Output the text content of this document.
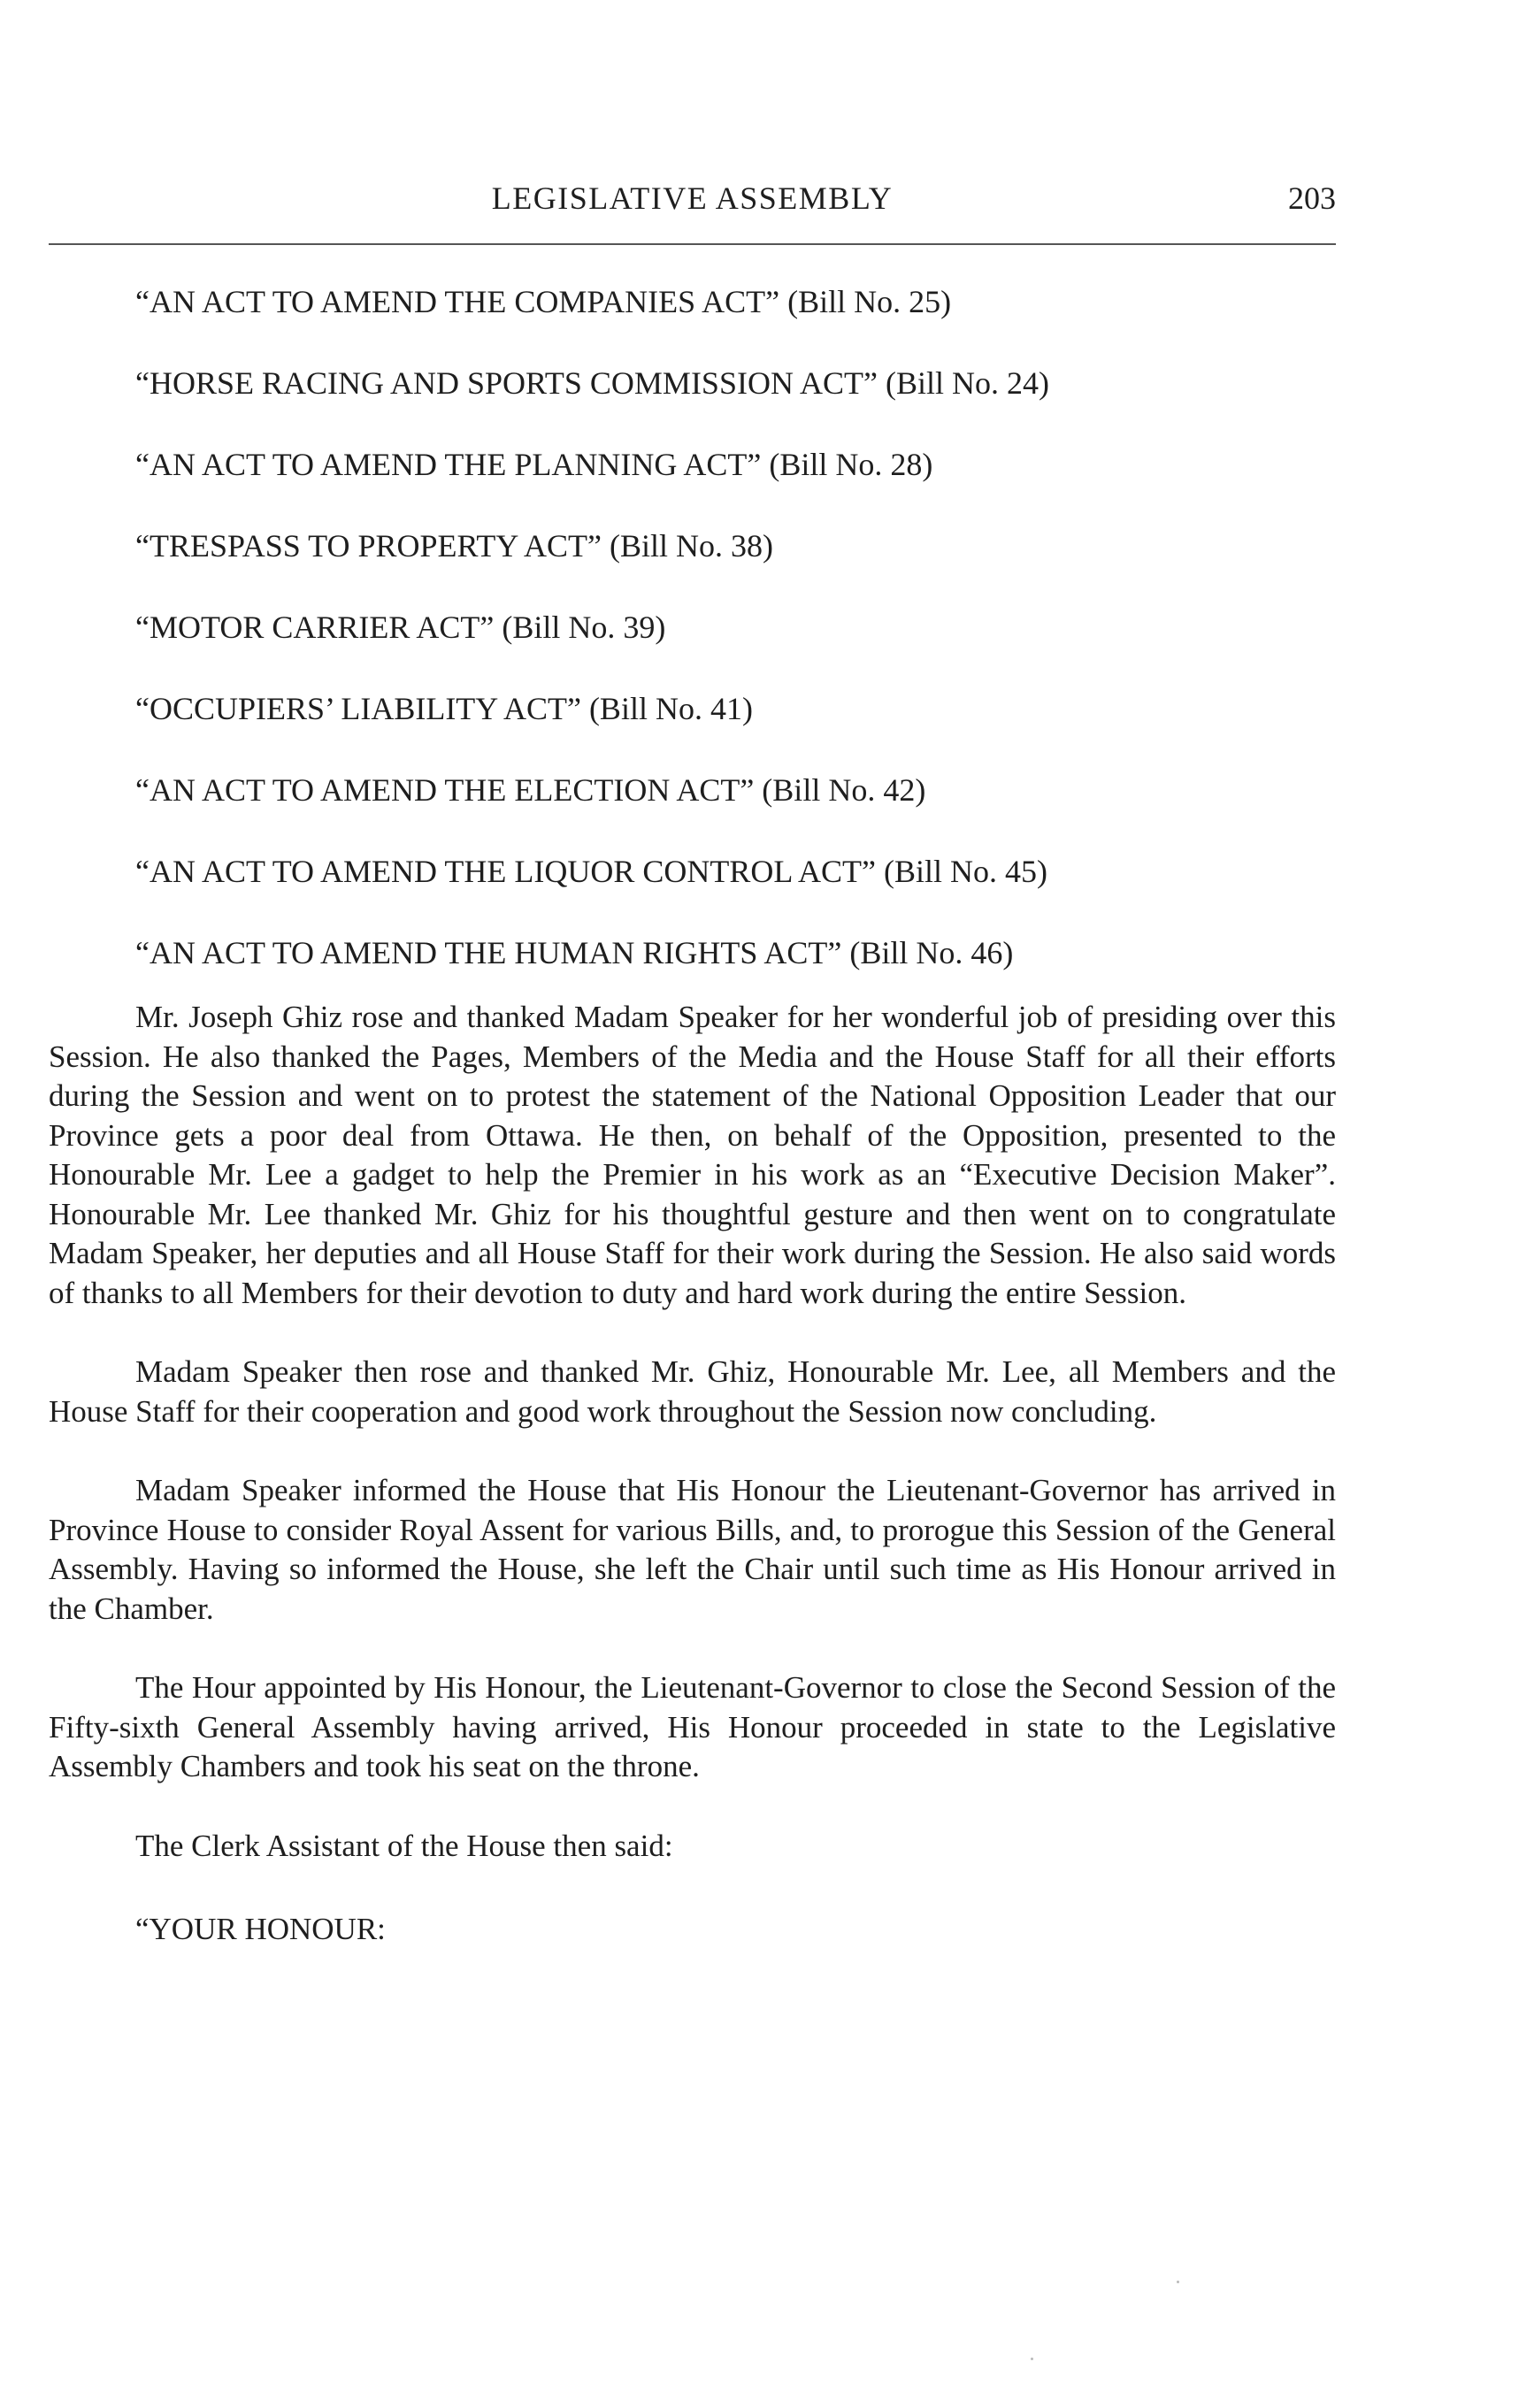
LEGISLATIVE ASSEMBLY	203
“AN ACT TO AMEND THE COMPANIES ACT” (Bill No. 25)
“HORSE RACING AND SPORTS COMMISSION ACT” (Bill No. 24)
“AN ACT TO AMEND THE PLANNING ACT” (Bill No. 28)
“TRESPASS TO PROPERTY ACT” (Bill No. 38)
“MOTOR CARRIER ACT” (Bill No. 39)
“OCCUPIERS’ LIABILITY ACT” (Bill No. 41)
“AN ACT TO AMEND THE ELECTION ACT” (Bill No. 42)
“AN ACT TO AMEND THE LIQUOR CONTROL ACT” (Bill No. 45)
“AN ACT TO AMEND THE HUMAN RIGHTS ACT” (Bill No. 46)

Mr. Joseph Ghiz rose and thanked Madam Speaker for her wonderful job of presiding over this Session. He also thanked the Pages, Members of the Media and the House Staff for all their efforts during the Session and went on to protest the statement of the National Opposition Leader that our Province gets a poor deal from Ottawa. He then, on behalf of the Opposition, presented to the Honourable Mr. Lee a gadget to help the Premier in his work as an “Executive Decision Maker”. Honourable Mr. Lee thanked Mr. Ghiz for his thoughtful gesture and then went on to congratulate Madam Speaker, her deputies and all House Staff for their work during the Session. He also said words of thanks to all Members for their devotion to duty and hard work during the entire Session.

Madam Speaker then rose and thanked Mr. Ghiz, Honourable Mr. Lee, all Members and the House Staff for their cooperation and good work throughout the Session now concluding.

Madam Speaker informed the House that His Honour the Lieutenant-Governor has arrived in Province House to consider Royal Assent for various Bills, and, to prorogue this Session of the General Assembly. Having so informed the House, she left the Chair until such time as His Honour arrived in the Chamber.

The Hour appointed by His Honour, the Lieutenant-Governor to close the Second Session of the Fifty-sixth General Assembly having arrived, His Honour proceeded in state to the Legislative Assembly Chambers and took his seat on the throne.

The Clerk Assistant of the House then said:

“YOUR HONOUR:
